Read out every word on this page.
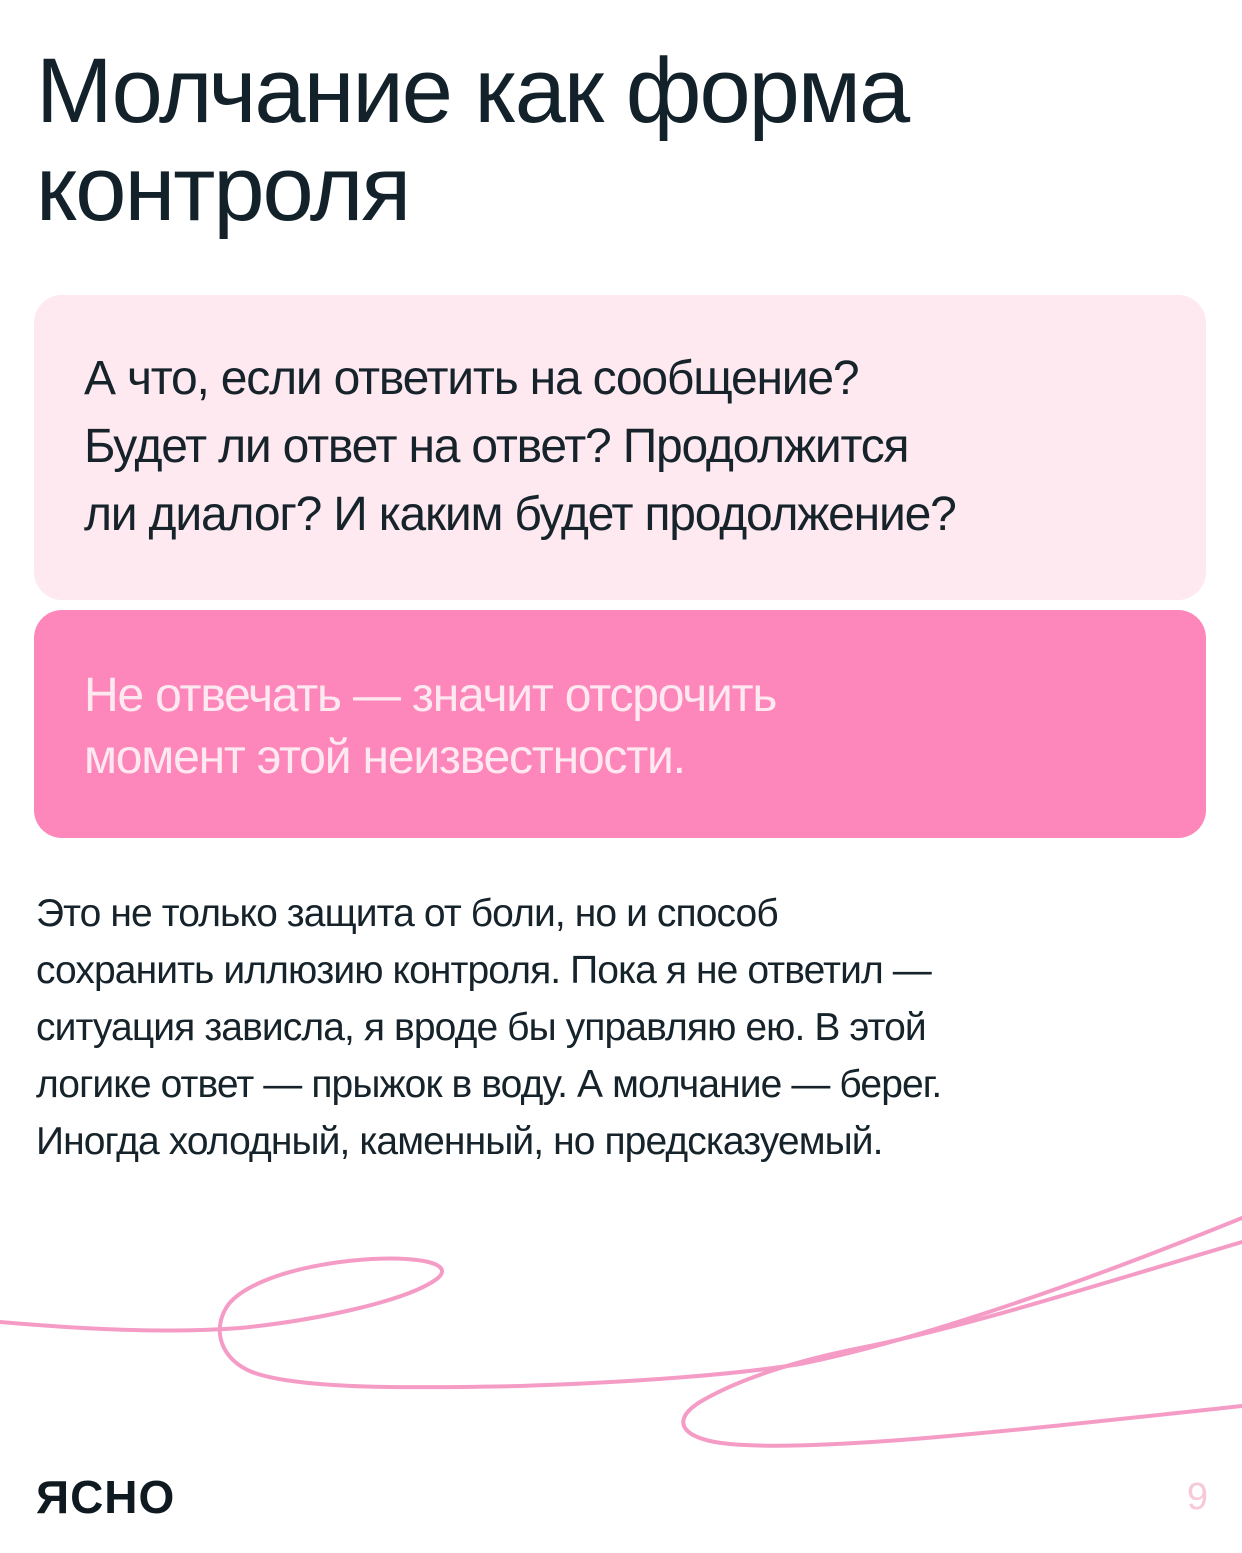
Молчание как форма
контроля

А что, если ответить на сообщение?
Будет ли ответ на ответ? Продолжится
ли диалог? И каким будет продолжение?

Не отвечать — значит отсрочить
момент этой неизвестности.

Это не только защита от боли, но и способ
сохранить иллюзию контроля. Пока я не ответил —
ситуация зависла, я вроде бы управляю ею. В этой
логике ответ — прыжок в воду. А молчание — берег.
Иногда холодный, каменный, но предсказуемый.

ЯСНО	9
